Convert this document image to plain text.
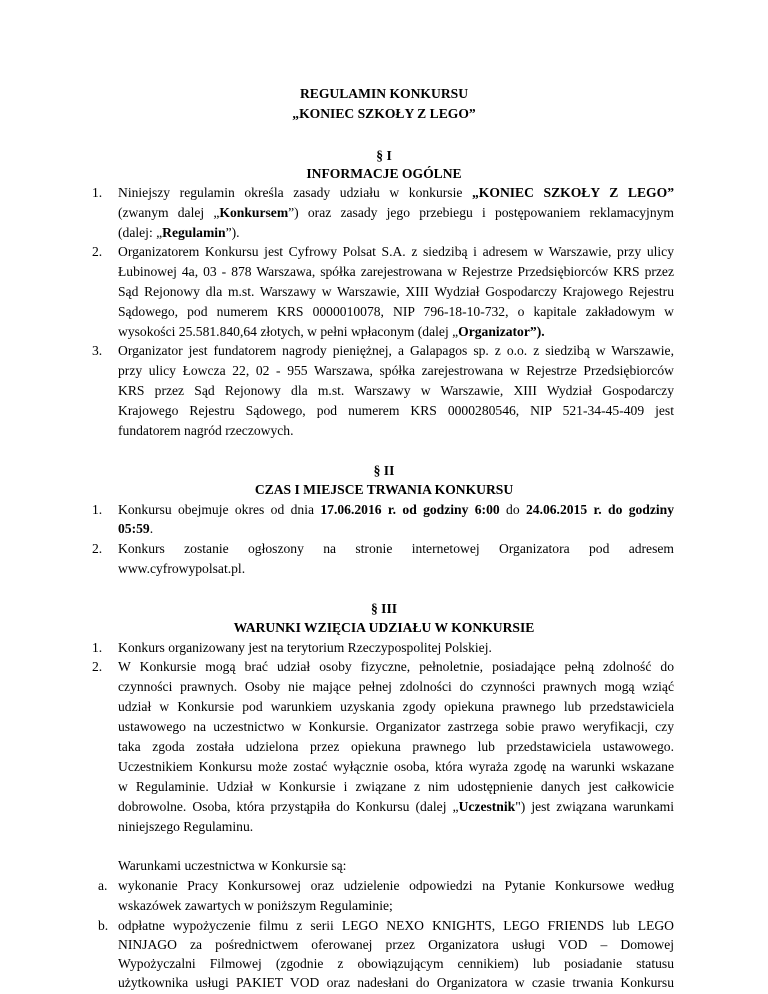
REGULAMIN KONKURSU
„KONIEC SZKOŁY Z LEGO”
§ I
INFORMACJE OGÓLNE
1. Niniejszy regulamin określa zasady udziału w konkursie „KONIEC SZKOŁY Z LEGO”
(zwanym dalej „Konkursem”) oraz zasady jego przebiegu i postępowaniem reklamacyjnym
(dalej: „Regulamin”).
2. Organizatorem Konkursu jest Cyfrowy Polsat S.A. z siedzibą i adresem w Warszawie, przy ulicy
Łubinowej 4a, 03 - 878 Warszawa, spółka zarejestrowana w Rejestrze Przedsiębiorców KRS przez
Sąd Rejonowy dla m.st. Warszawy w Warszawie, XIII Wydział Gospodarczy Krajowego Rejestru
Sądowego, pod numerem KRS 0000010078, NIP 796-18-10-732, o kapitale zakładowym w
wysokości 25.581.840,64 złotych, w pełni wpłaconym (dalej „Organizator”).
3. Organizator jest fundatorem nagrody pieniężnej, a Galapagos sp. z o.o. z siedzibą w Warszawie,
przy ulicy Łowcza 22, 02 - 955 Warszawa, spółka zarejestrowana w Rejestrze Przedsiębiorców
KRS przez Sąd Rejonowy dla m.st. Warszawy w Warszawie, XIII Wydział Gospodarczy
Krajowego Rejestru Sądowego, pod numerem KRS 0000280546, NIP 521-34-45-409 jest
fundatorem nagród rzeczowych.
§ II
CZAS I MIEJSCE TRWANIA KONKURSU
1. Konkursu obejmuje okres od dnia 17.06.2016 r. od godziny 6:00 do 24.06.2015 r. do godziny
05:59.
2. Konkurs zostanie ogłoszony na stronie internetowej Organizatora pod adresem
www.cyfrowypolsat.pl.
§ III
WARUNKI WZIĘCIA UDZIAŁU W KONKURSIE
1. Konkurs organizowany jest na terytorium Rzeczypospolitej Polskiej.
2. W Konkursie mogą brać udział osoby fizyczne, pełnoletnie, posiadające pełną zdolność do
czynności prawnych. Osoby nie mające pełnej zdolności do czynności prawnych mogą wziąć
udział w Konkursie pod warunkiem uzyskania zgody opiekuna prawnego lub przedstawiciela
ustawowego na uczestnictwo w Konkursie. Organizator zastrzega sobie prawo weryfikacji, czy
taka zgoda została udzielona przez opiekuna prawnego lub przedstawiciela ustawowego.
Uczestnikiem Konkursu może zostać wyłącznie osoba, która wyraża zgodę na warunki wskazane
w Regulaminie. Udział w Konkursie i związane z nim udostępnienie danych jest całkowicie
dobrowolne. Osoba, która przystąpiła do Konkursu (dalej „Uczestnik") jest związana warunkami
niniejszego Regulaminu.
Warunkami uczestnictwa w Konkursie są:
a. wykonanie Pracy Konkursowej oraz udzielenie odpowiedzi na Pytanie Konkursowe według
wskazówek zawartych w poniższym Regulaminie;
b. odpłatne wypożyczenie filmu z serii LEGO NEXO KNIGHTS, LEGO FRIENDS lub LEGO
NINJAGO za pośrednictwem oferowanej przez Organizatora usługi VOD – Domowej
Wypożyczalni Filmowej (zgodnie z obowiązującym cennikiem) lub posiadanie statusu
użytkownika usługi PAKIET VOD oraz nadesłani do Organizatora w czasie trwania Konkursu
